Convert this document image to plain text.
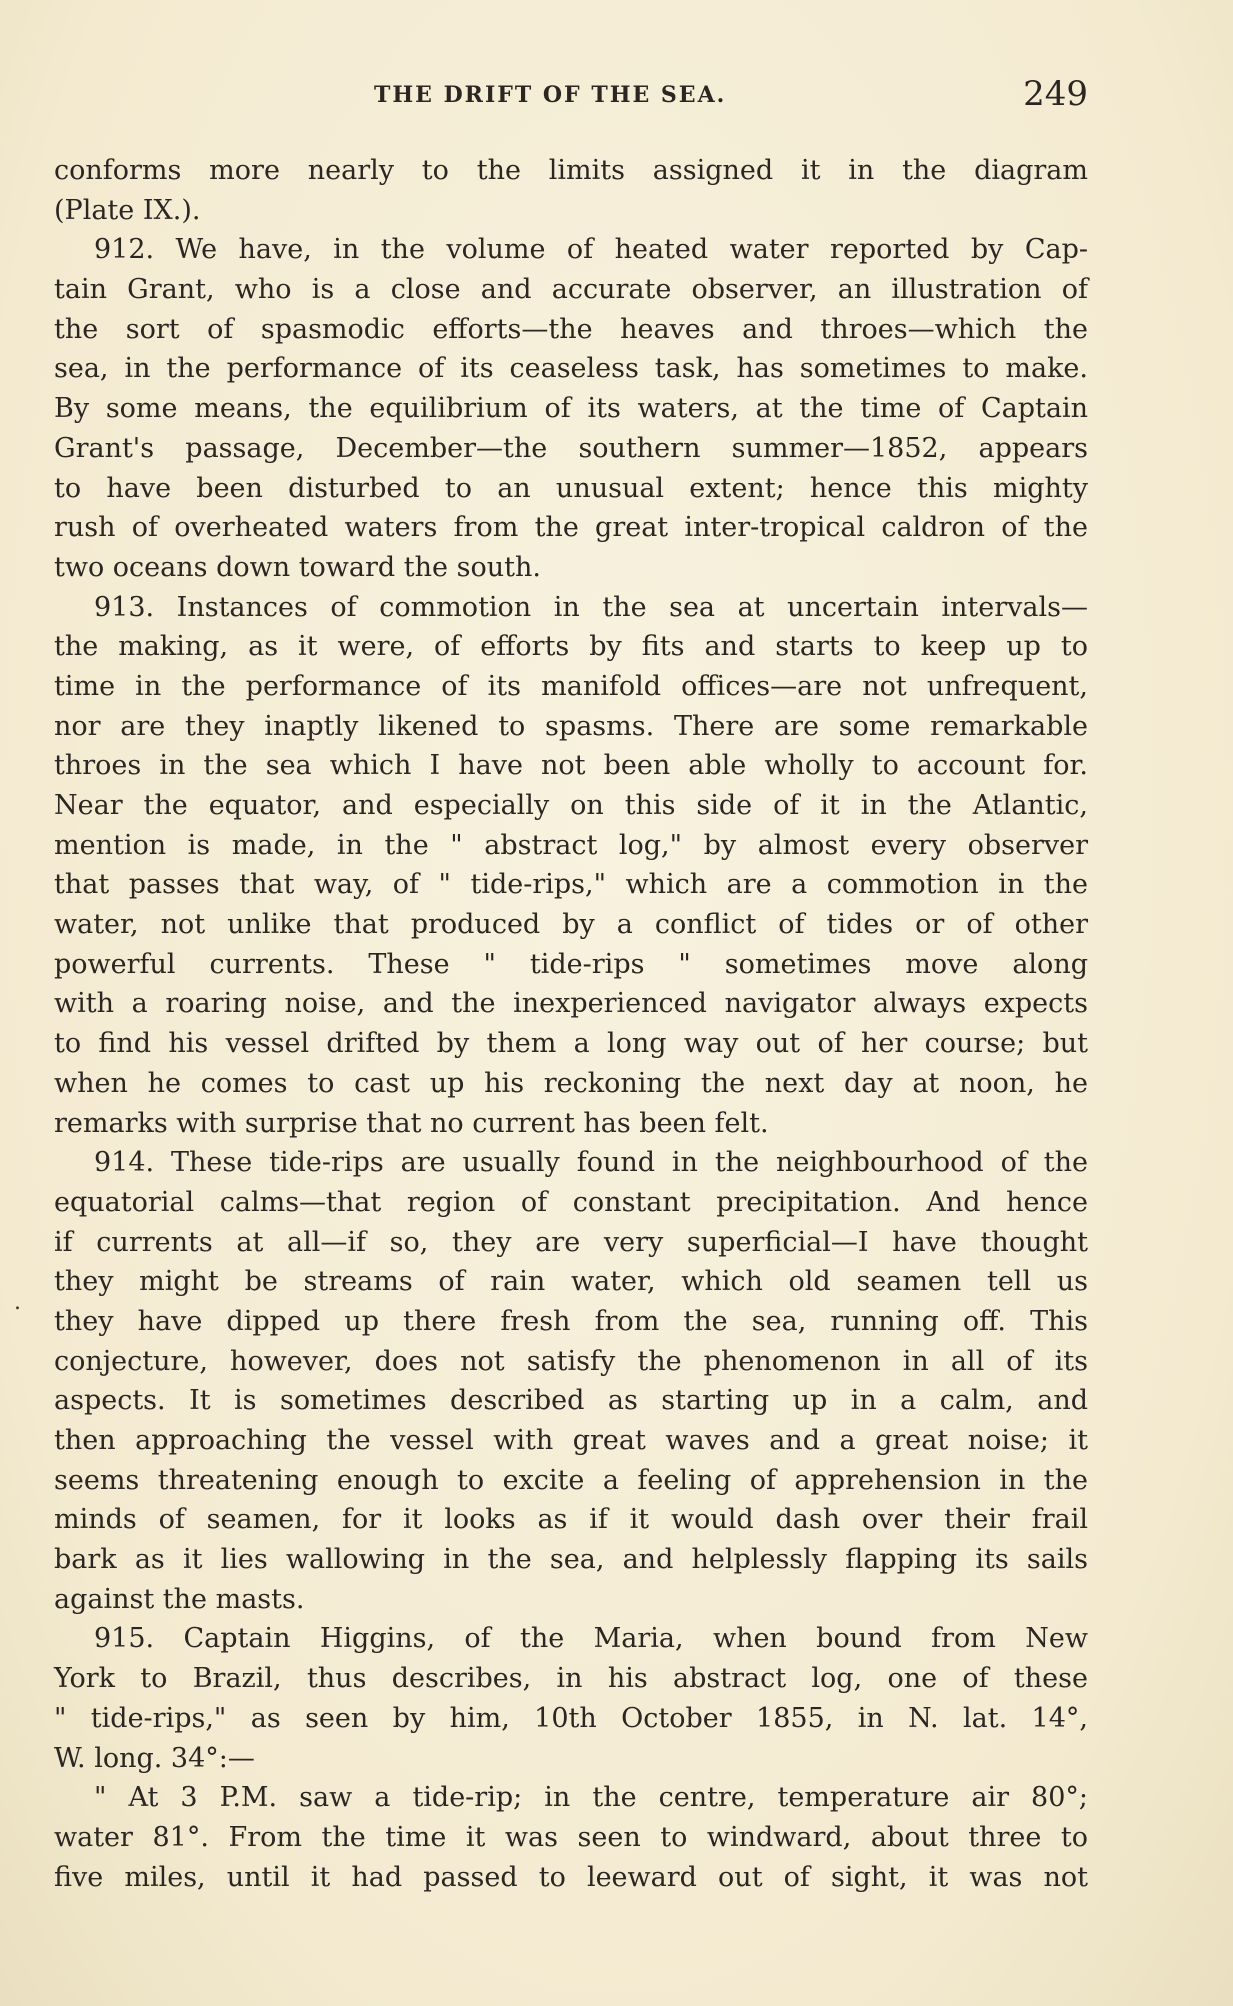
THE DRIFT OF THE SEA.	249
.
conforms more nearly to the limits assigned it in the diagram
(Plate IX.).
912. We have, in the volume of heated water reported by Cap-
tain Grant, who is a close and accurate observer, an illustration of
the sort of spasmodic efforts—the heaves and throes—which the
sea, in the performance of its ceaseless task, has sometimes to make.
By some means, the equilibrium of its waters, at the time of Captain
Grant's passage, December—the southern summer—1852, appears
to have been disturbed to an unusual extent; hence this mighty
rush of overheated waters from the great inter-tropical caldron of the
two oceans down toward the south.
913. Instances of commotion in the sea at uncertain intervals—
the making, as it were, of efforts by fits and starts to keep up to
time in the performance of its manifold offices—are not unfrequent,
nor are they inaptly likened to spasms. There are some remarkable
throes in the sea which I have not been able wholly to account for.
Near the equator, and especially on this side of it in the Atlantic,
mention is made, in the " abstract log," by almost every observer
that passes that way, of " tide-rips," which are a commotion in the
water, not unlike that produced by a conflict of tides or of other
powerful currents. These " tide-rips " sometimes move along
with a roaring noise, and the inexperienced navigator always expects
to find his vessel drifted by them a long way out of her course; but
when he comes to cast up his reckoning the next day at noon, he
remarks with surprise that no current has been felt.
914. These tide-rips are usually found in the neighbourhood of the
equatorial calms—that region of constant precipitation. And hence
if currents at all—if so, they are very superficial—I have thought
they might be streams of rain water, which old seamen tell us
they have dipped up there fresh from the sea, running off. This
conjecture, however, does not satisfy the phenomenon in all of its
aspects. It is sometimes described as starting up in a calm, and
then approaching the vessel with great waves and a great noise; it
seems threatening enough to excite a feeling of apprehension in the
minds of seamen, for it looks as if it would dash over their frail
bark as it lies wallowing in the sea, and helplessly flapping its sails
against the masts.
915. Captain Higgins, of the Maria, when bound from New
York to Brazil, thus describes, in his abstract log, one of these
" tide-rips," as seen by him, 10th October 1855, in N. lat. 14°,
W. long. 34°:—
" At 3 P.M. saw a tide-rip; in the centre, temperature air 80°;
water 81°. From the time it was seen to windward, about three to
five miles, until it had passed to leeward out of sight, it was not
